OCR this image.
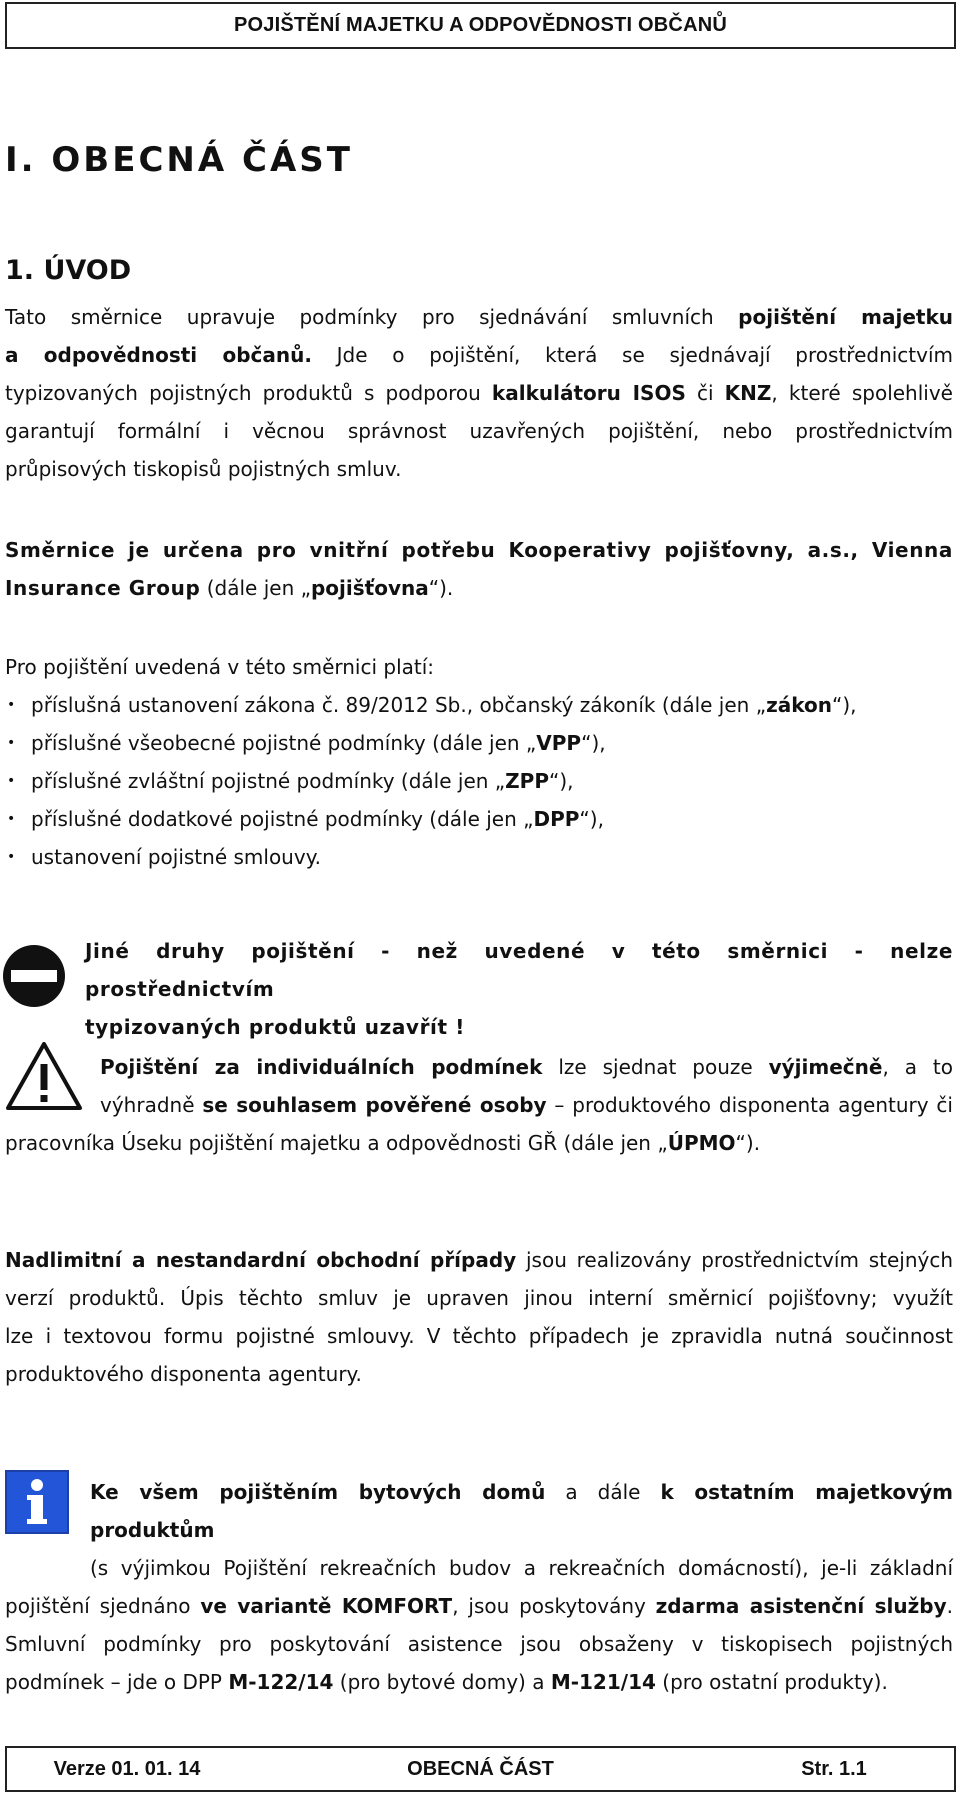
POJIŠTĚNÍ MAJETKU A ODPOVĚDNOSTI OBČANŮ
I. OBECNÁ ČÁST
1. ÚVOD
Tato směrnice upravuje podmínky pro sjednávání smluvních pojištění majetku
a odpovědnosti občanů. Jde o pojištění, která se sjednávají prostřednictvím
typizovaných pojistných produktů s podporou kalkulátoru ISOS či KNZ, které spolehlivě
garantují formální i věcnou správnost uzavřených pojištění, nebo prostřednictvím
průpisových tiskopisů pojistných smluv.
Směrnice je určena pro vnitřní potřebu Kooperativy pojišťovny, a.s., Vienna
Insurance Group (dále jen „pojišťovna“).
Pro pojištění uvedená v této směrnici platí:
• příslušná ustanovení zákona č. 89/2012 Sb., občanský zákoník (dále jen „zákon“),
• příslušné všeobecné pojistné podmínky (dále jen „VPP“),
• příslušné zvláštní pojistné podmínky (dále jen „ZPP“),
• příslušné dodatkové pojistné podmínky (dále jen „DPP“),
• ustanovení pojistné smlouvy.
Jiné druhy pojištění - než uvedené v této směrnici - nelze prostřednictvím
typizovaných produktů uzavřít !
Pojištění za individuálních podmínek lze sjednat pouze výjimečně, a to
výhradně se souhlasem pověřené osoby – produktového disponenta agentury či
pracovníka Úseku pojištění majetku a odpovědnosti GŘ (dále jen „ÚPMO“).
Nadlimitní a nestandardní obchodní případy jsou realizovány prostřednictvím stejných
verzí produktů. Úpis těchto smluv je upraven jinou interní směrnicí pojišťovny; využít
lze i textovou formu pojistné smlouvy. V těchto případech je zpravidla nutná součinnost
produktového disponenta agentury.
Ke všem pojištěním bytových domů a dále k ostatním majetkovým produktům
(s výjimkou Pojištění rekreačních budov a rekreačních domácností), je-li základní
pojištění sjednáno ve variantě KOMFORT, jsou poskytovány zdarma asistenční služby.
Smluvní podmínky pro poskytování asistence jsou obsaženy v tiskopisech pojistných
podmínek – jde o DPP M-122/14 (pro bytové domy) a M-121/14 (pro ostatní produkty).
Verze 01. 01. 14	OBECNÁ ČÁST	Str. 1.1
